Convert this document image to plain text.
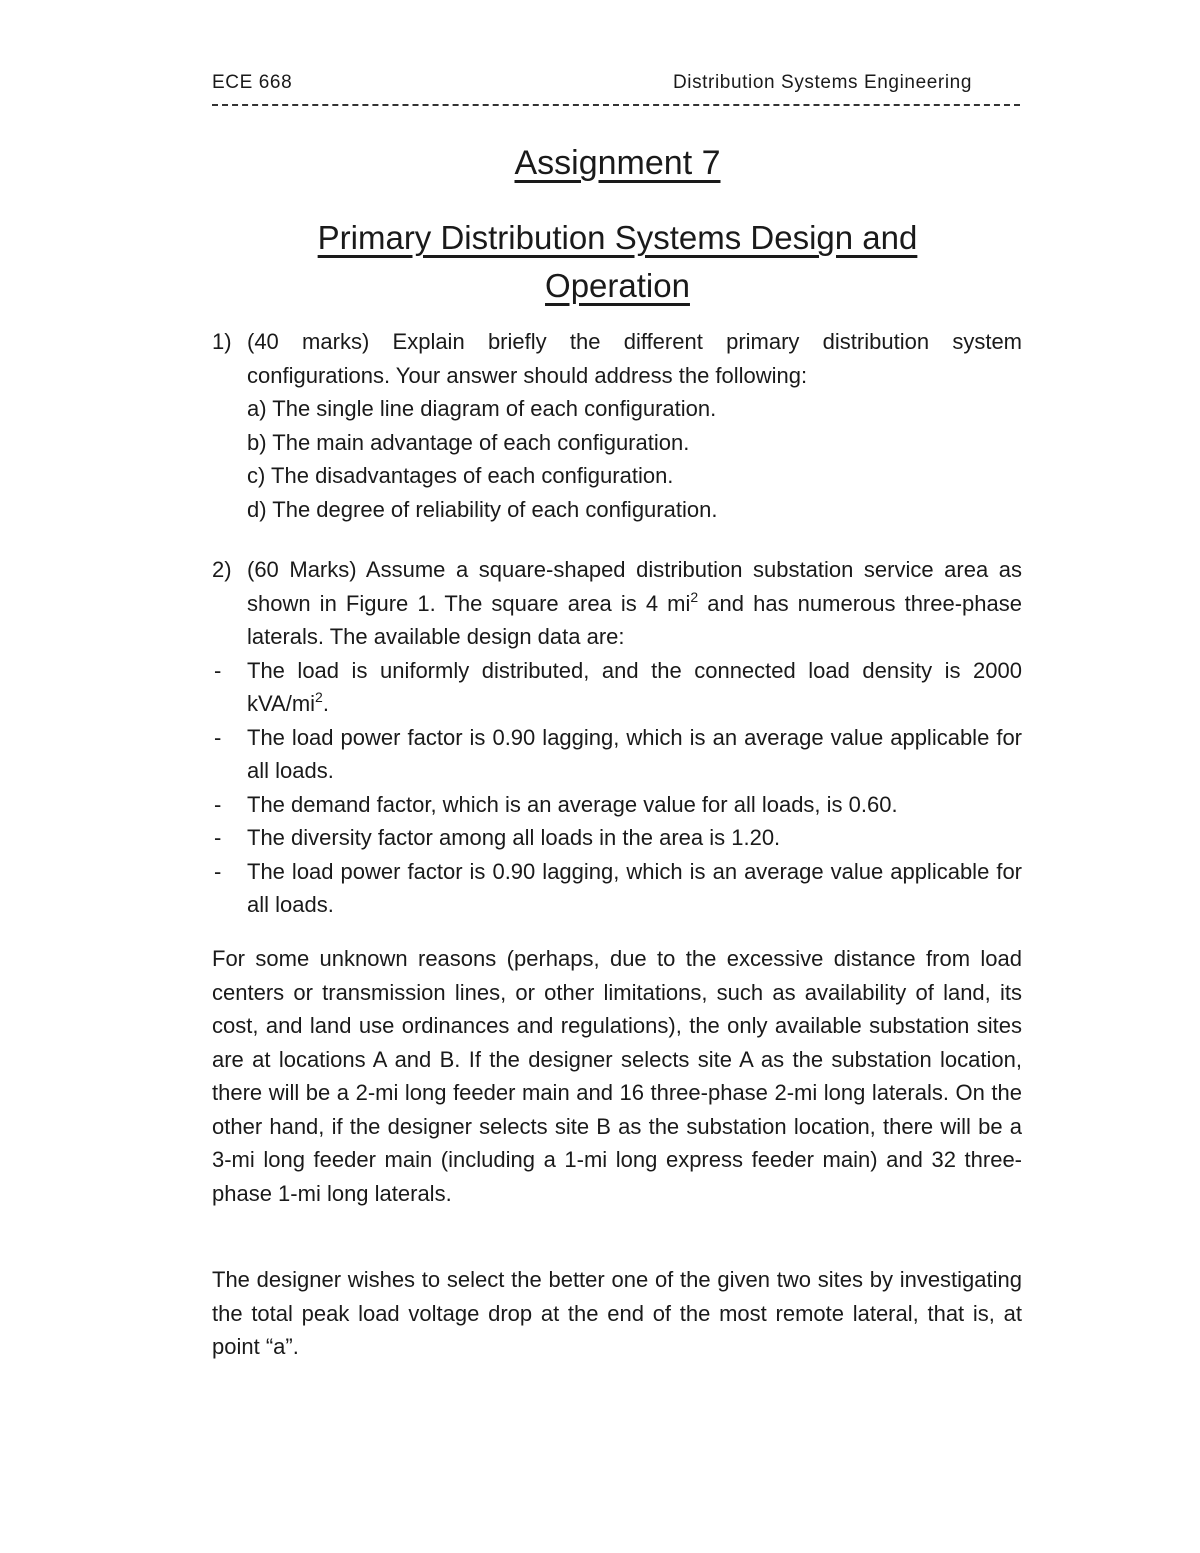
ECE 668	Distribution Systems Engineering
Assignment 7
Primary Distribution Systems Design and
Operation
1) (40 marks) Explain briefly the different primary distribution system configurations. Your answer should address the following:

a) The single line diagram of each configuration.

b) The main advantage of each configuration.

c) The disadvantages of each configuration.

d) The degree of reliability of each configuration.

2) (60 Marks) Assume a square-shaped distribution substation service area as shown in Figure 1. The square area is 4 $mi^2$ and has numerous three-phase laterals. The available design data are:

- The load is uniformly distributed, and the connected load density is 2000 kVA/$mi^2$.

- The load power factor is 0.90 lagging, which is an average value applicable for all loads.

- The demand factor, which is an average value for all loads, is 0.60.

- The diversity factor among all loads in the area is 1.20.

- The load power factor is 0.90 lagging, which is an average value applicable for all loads.

For some unknown reasons (perhaps, due to the excessive distance from load centers or transmission lines, or other limitations, such as availability of land, its cost, and land use ordinances and regulations), the only available substation sites are at locations A and B. If the designer selects site A as the substation location, there will be a 2-mi long feeder main and 16 three-phase 2-mi long laterals. On the other hand, if the designer selects site B as the substation location, there will be a 3-mi long feeder main (including a 1-mi long express feeder main) and 32 three-phase 1-mi long laterals.

The designer wishes to select the better one of the given two sites by investigating the total peak load voltage drop at the end of the most remote lateral, that is, at point “a”.
